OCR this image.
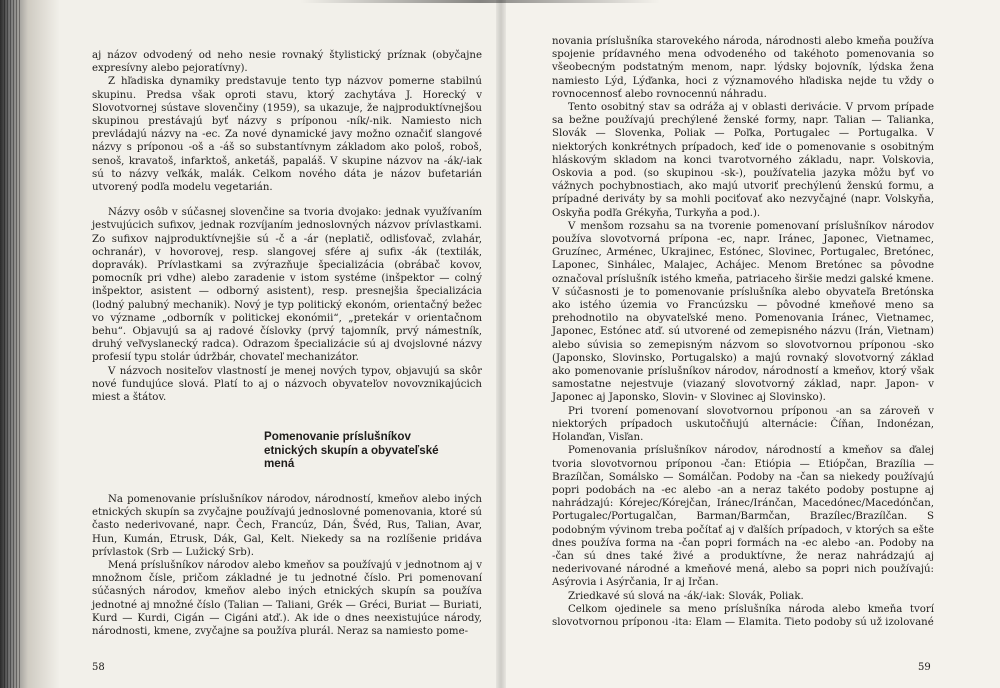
aj názov odvodený od neho nesie rovnaký štylistický príznak (obyčajne expresívny alebo pejoratívny).

Z hľadiska dynamiky predstavuje tento typ názvov pomerne stabilnú skupinu. Predsa však oproti stavu, ktorý zachytáva J. Horecký v Slovotvornej sústave slovenčiny (1959), sa ukazuje, že najproduktívnejšou skupinou prestávajú byť názvy s príponou -ník/-nik. Namiesto nich prevládajú názvy na -ec. Za nové dynamické javy možno označiť slangové názvy s príponou -oš a -áš so substantívnym základom ako pološ, roboš, senoš, kravatoš, infarktoš, anketáš, papaláš. V skupine názvov na -ák/-iak sú to názvy veľkák, malák. Celkom nového dáta je názov bufetarián utvorený podľa modelu vegetarián.

Názvy osôb v súčasnej slovenčine sa tvoria dvojako: jednak využívaním jestvujúcich sufixov, jednak rozvíjaním jednoslovných názvov prívlastkami. Zo sufixov najproduktívnejšie sú -č a -ár (neplatič, odlisťovač, zvlahár, ochranár), v hovorovej, resp. slangovej sfére aj sufix -ák (textilák, dopravák). Prívlastkami sa zvýrazňuje špecializácia (obrábač kovov, pomocník pri vdhe) alebo zaradenie v istom systéme (inšpektor — colný inšpektor, asistent — odborný asistent), resp. presnejšia špecializácia (lodný palubný mechanik). Nový je typ politický ekonóm, orientačný bežec vo význame „odborník v politickej ekonómii“, „pretekár v orientačnom behu“. Objavujú sa aj radové číslovky (prvý tajomník, prvý námestník, druhý veľvyslanecký radca). Odrazom špecializácie sú aj dvojslovné názvy profesií typu stolár údržbár, chovateľ mechanizátor.

V názvoch nositeľov vlastností je menej nových typov, objavujú sa skôr nové fundujúce slová. Platí to aj o názvoch obyvateľov novovznikajúcich miest a štátov.

Pomenovanie príslušníkov etnických skupín a obyvateľské mená

Na pomenovanie príslušníkov národov, národností, kmeňov alebo iných etnických skupín sa zvyčajne používajú jednoslovné pomenovania, ktoré sú často nederivované, napr. Čech, Francúz, Dán, Švéd, Rus, Talian, Avar, Hun, Kumán, Etrusk, Dák, Gal, Kelt. Niekedy sa na rozlíšenie pridáva prívlastok (Srb — Lužický Srb).

Mená príslušníkov národov alebo kmeňov sa používajú v jednotnom aj v množnom čísle, pričom základné je tu jednotné číslo. Pri pomenovaní súčasných národov, kmeňov alebo iných etnických skupín sa používa jednotné aj množné číslo (Talian — Taliani, Grék — Gréci, Buriat — Buriati, Kurd — Kurdi, Cigán — Cigáni atď.). Ak ide o dnes neexistujúce národy, národnosti, kmene, zvyčajne sa používa plurál. Neraz sa namiesto pome-

58

novania príslušníka starovekého národa, národnosti alebo kmeňa používa spojenie prídavného mena odvodeného od takéhoto pomenovania so všeobecným podstatným menom, napr. lýdsky bojovník, lýdska žena namiesto Lýd, Lýďanka, hoci z významového hľadiska nejde tu vždy o rovnocennosť alebo rovnocennú náhradu.

Tento osobitný stav sa odráža aj v oblasti derivácie. V prvom prípade sa bežne používajú prechýlené ženské formy, napr. Talian — Talianka, Slovák — Slovenka, Poliak — Poľka, Portugalec — Portugalka. V niektorých konkrétnych prípadoch, keď ide o pomenovanie s osobitným hláskovým skladom na konci tvarotvorného základu, napr. Volskovia, Oskovia a pod. (so skupinou -sk-), používatelia jazyka môžu byť vo vážnych pochybnostiach, ako majú utvoriť prechýlenú ženskú formu, a prípadné deriváty by sa mohli pociťovať ako nezvyčajné (napr. Volskyňa, Oskyňa podľa Grékyňa, Turkyňa a pod.).

V menšom rozsahu sa na tvorenie pomenovaní príslušníkov národov používa slovotvorná prípona -ec, napr. Iránec, Japonec, Vietnamec, Gruzínec, Arménec, Ukrajinec, Estónec, Slovinec, Portugalec, Bretónec, Laponec, Sinhálec, Malajec, Achájec. Menom Bretónec sa pôvodne označoval príslušník istého kmeňa, patriaceho širšie medzi galské kmene. V súčasnosti je to pomenovanie príslušníka alebo obyvateľa Bretónska ako istého územia vo Francúzsku — pôvodné kmeňové meno sa prehodnotilo na obyvateľské meno. Pomenovania Iránec, Vietnamec, Japonec, Estónec atď. sú utvorené od zemepisného názvu (Irán, Vietnam) alebo súvisia so zemepisným názvom so slovotvornou príponou -sko (Japonsko, Slovinsko, Portugalsko) a majú rovnaký slovotvorný základ ako pomenovanie príslušníkov národov, národností a kmeňov, ktorý však samostatne nejestvuje (viazaný slovotvorný základ, napr. Japon- v Japonec aj Japonsko, Slovin- v Slovinec aj Slovinsko).

Pri tvorení pomenovaní slovotvornou príponou -an sa zároveň v niektorých prípadoch uskutočňujú alternácie: Číňan, Indonézan, Holanďan, Visľan.

Pomenovania príslušníkov národov, národností a kmeňov sa ďalej tvoria slovotvornou príponou -čan: Etiópia — Etiópčan, Brazília — Brazílčan, Somálsko — Somálčan. Podoby na -čan sa niekedy používajú popri podobách na -ec alebo -an a neraz takéto podoby postupne aj nahrádzajú: Kórejec/Kórejčan, Iránec/Iránčan, Macedónec/Macedónčan, Portugalec/Portugalčan, Barman/Barmčan, Brazílec/Brazílčan. S podobným vývinom treba počítať aj v ďalších prípadoch, v ktorých sa ešte dnes používa forma na -čan popri formách na -ec alebo -an. Podoby na -čan sú dnes také živé a produktívne, že neraz nahrádzajú aj nederivované národné a kmeňové mená, alebo sa popri nich používajú: Asýrovia i Asýrčania, Ir aj Irčan.

Zriedkavé sú slová na -ák/-iak: Slovák, Poliak.

Celkom ojedinele sa meno príslušníka národa alebo kmeňa tvorí slovotvornou príponou -ita: Elam — Elamita. Tieto podoby sú už izolované

59
